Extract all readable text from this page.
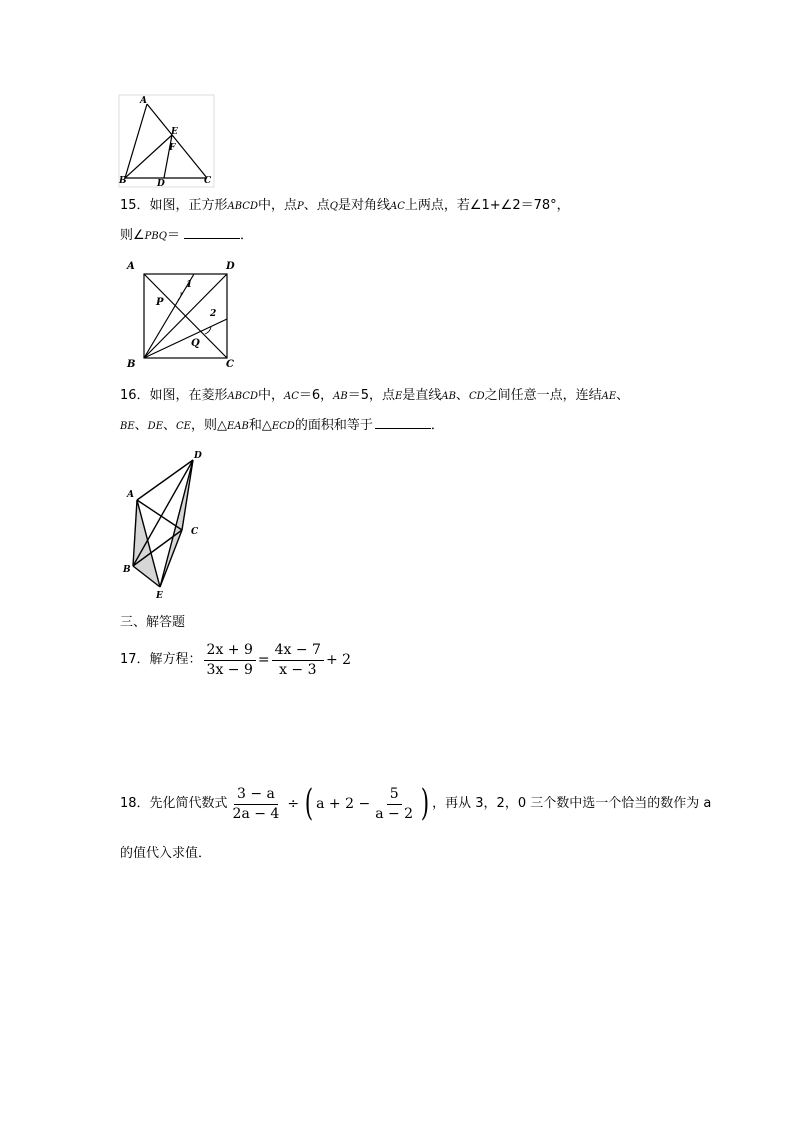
A
E
F
B	D	C
15．如图，正方形ABCD中，点P、点Q是对角线AC上两点，若∠1+∠2＝78°，
则∠PBQ＝	．
A	D
P
1
2
Q
B	C
16．如图，在菱形ABCD中，AC＝6，AB＝5，点E是直线AB、CD之间任意一点，连结AE、
BE、DE、CE，则△EAB和△ECD的面积和等于	．
A
D
C
B
E
三、解答题
17．解方程： $\frac{2x + 9}{3x - 9} = \frac{4x - 7}{x - 3} + 2$
18．先化简代数式 $\frac{3 - a}{2a - 4}$ ÷ ( $a + 2 - \frac{5}{a - 2}$ ) ，再从 3，2，0 三个数中选一个恰当的数作为 a
的值代入求值．
